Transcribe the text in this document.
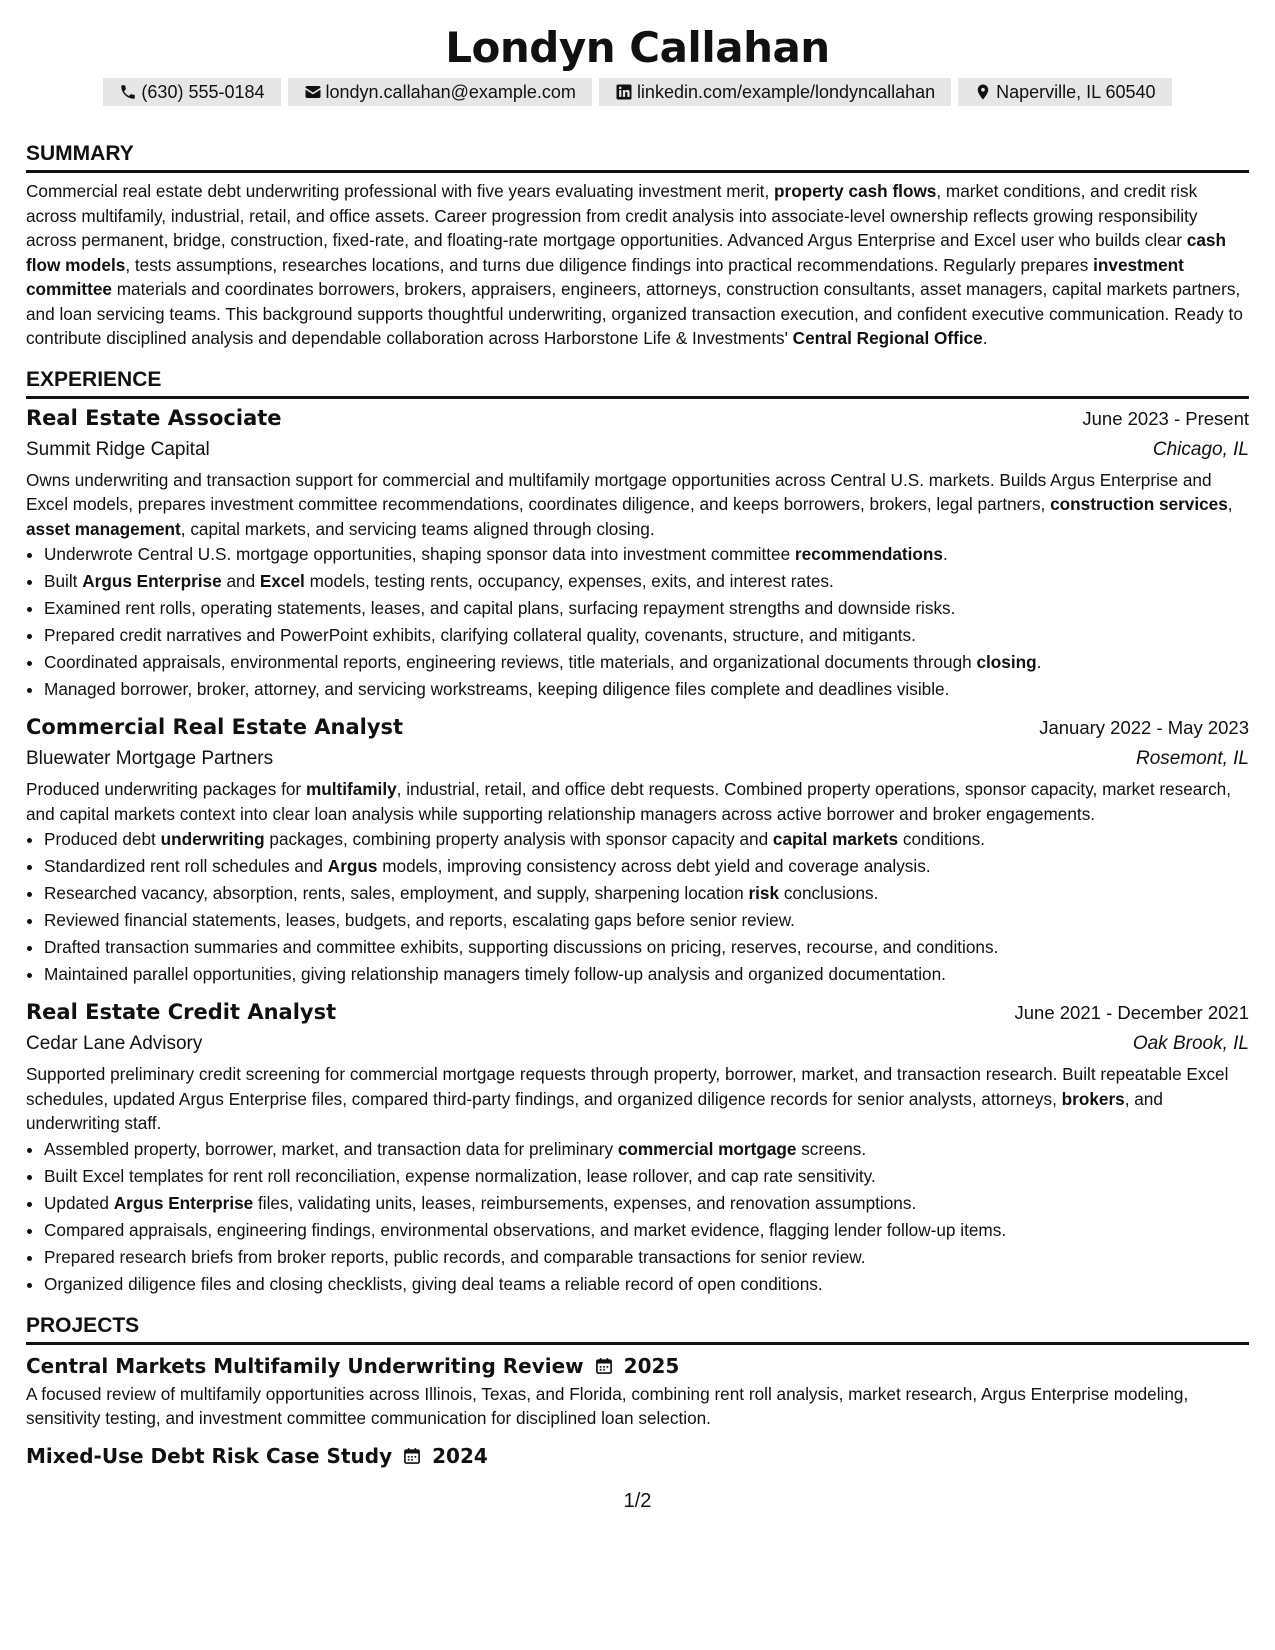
Londyn Callahan
(630) 555-0184	londyn.callahan@example.com	linkedin.com/example/londyncallahan	Naperville, IL 60540
SUMMARY

Commercial real estate debt underwriting professional with five years evaluating investment merit, property cash flows, market conditions, and credit risk across multifamily, industrial, retail, and office assets. Career progression from credit analysis into associate-level ownership reflects growing responsibility across permanent, bridge, construction, fixed-rate, and floating-rate mortgage opportunities. Advanced Argus Enterprise and Excel user who builds clear cash flow models, tests assumptions, researches locations, and turns due diligence findings into practical recommendations. Regularly prepares investment committee materials and coordinates borrowers, brokers, appraisers, engineers, attorneys, construction consultants, asset managers, capital markets partners, and loan servicing teams. This background supports thoughtful underwriting, organized transaction execution, and confident executive communication. Ready to contribute disciplined analysis and dependable collaboration across Harborstone Life & Investments' Central Regional Office.

EXPERIENCE
Real Estate Associate	June 2023 - Present
Summit Ridge Capital	Chicago, IL

Owns underwriting and transaction support for commercial and multifamily mortgage opportunities across Central U.S. markets. Builds Argus Enterprise and Excel models, prepares investment committee recommendations, coordinates diligence, and keeps borrowers, brokers, legal partners, construction services, asset management, capital markets, and servicing teams aligned through closing.

• Underwrote Central U.S. mortgage opportunities, shaping sponsor data into investment committee recommendations.
• Built Argus Enterprise and Excel models, testing rents, occupancy, expenses, exits, and interest rates.
• Examined rent rolls, operating statements, leases, and capital plans, surfacing repayment strengths and downside risks.
• Prepared credit narratives and PowerPoint exhibits, clarifying collateral quality, covenants, structure, and mitigants.
• Coordinated appraisals, environmental reports, engineering reviews, title materials, and organizational documents through closing.
• Managed borrower, broker, attorney, and servicing workstreams, keeping diligence files complete and deadlines visible.
Commercial Real Estate Analyst	January 2022 - May 2023
Bluewater Mortgage Partners	Rosemont, IL

Produced underwriting packages for multifamily, industrial, retail, and office debt requests. Combined property operations, sponsor capacity, market research, and capital markets context into clear loan analysis while supporting relationship managers across active borrower and broker engagements.

• Produced debt underwriting packages, combining property analysis with sponsor capacity and capital markets conditions.
• Standardized rent roll schedules and Argus models, improving consistency across debt yield and coverage analysis.
• Researched vacancy, absorption, rents, sales, employment, and supply, sharpening location risk conclusions.
• Reviewed financial statements, leases, budgets, and reports, escalating gaps before senior review.
• Drafted transaction summaries and committee exhibits, supporting discussions on pricing, reserves, recourse, and conditions.
• Maintained parallel opportunities, giving relationship managers timely follow-up analysis and organized documentation.
Real Estate Credit Analyst	June 2021 - December 2021
Cedar Lane Advisory	Oak Brook, IL

Supported preliminary credit screening for commercial mortgage requests through property, borrower, market, and transaction research. Built repeatable Excel schedules, updated Argus Enterprise files, compared third-party findings, and organized diligence records for senior analysts, attorneys, brokers, and underwriting staff.

• Assembled property, borrower, market, and transaction data for preliminary commercial mortgage screens.
• Built Excel templates for rent roll reconciliation, expense normalization, lease rollover, and cap rate sensitivity.
• Updated Argus Enterprise files, validating units, leases, reimbursements, expenses, and renovation assumptions.
• Compared appraisals, engineering findings, environmental observations, and market evidence, flagging lender follow-up items.
• Prepared research briefs from broker reports, public records, and comparable transactions for senior review.
• Organized diligence files and closing checklists, giving deal teams a reliable record of open conditions.
PROJECTS
Central Markets Multifamily Underwriting Review 2025

A focused review of multifamily opportunities across Illinois, Texas, and Florida, combining rent roll analysis, market research, Argus Enterprise modeling, sensitivity testing, and investment committee communication for disciplined loan selection.

Mixed-Use Debt Risk Case Study 2024
1/2
